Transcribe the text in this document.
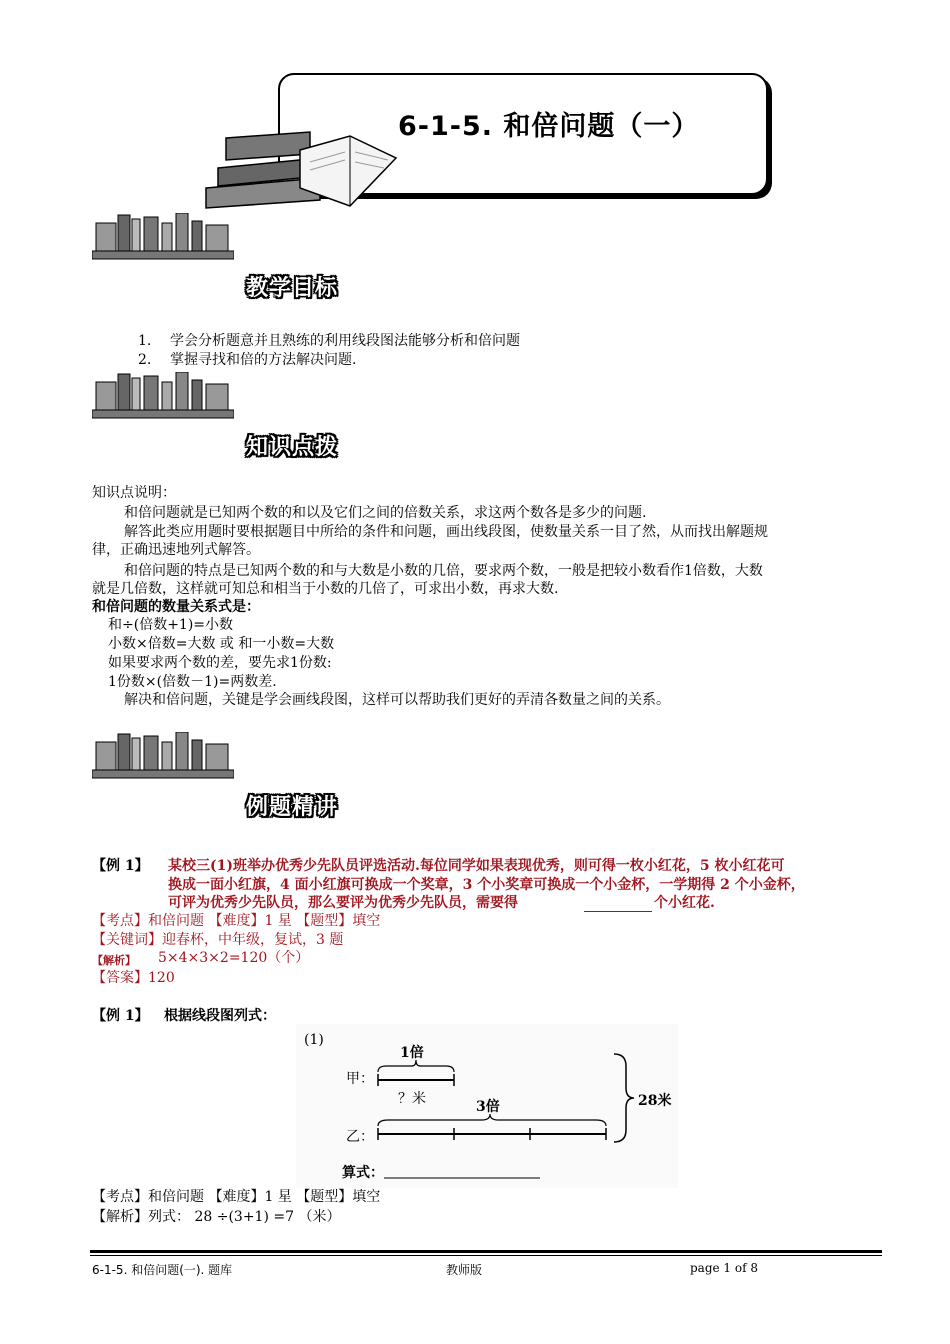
6-1-5. 和倍问题（一）
教学目标
1. 学会分析题意并且熟练的利用线段图法能够分析和倍问题
2. 掌握寻找和倍的方法解决问题.
知识点拨
知识点说明：
和倍问题就是已知两个数的和以及它们之间的倍数关系，求这两个数各是多少的问题.
解答此类应用题时要根据题目中所给的条件和问题，画出线段图，使数量关系一目了然，从而找出解题规
律，正确迅速地列式解答。
和倍问题的特点是已知两个数的和与大数是小数的几倍，要求两个数，一般是把较小数看作1倍数，大数
就是几倍数，这样就可知总和相当于小数的几倍了，可求出小数，再求大数.
和倍问题的数量关系式是：
和÷(倍数+1)=小数
小数×倍数=大数 或 和一小数=大数
如果要求两个数的差，要先求1份数:
1份数×(倍数－1)=两数差.
解决和倍问题，关键是学会画线段图，这样可以帮助我们更好的弄清各数量之间的关系。
例题精讲
【例 1】 某校三(1)班举办优秀少先队员评选活动.每位同学如果表现优秀，则可得一枚小红花，5 枚小红花可
换成一面小红旗，4 面小红旗可换成一个奖章，3 个小奖章可换成一个小金杯，一学期得 2 个小金杯，
可评为优秀少先队员，那么要评为优秀少先队员，需要得	个小红花.
【考点】和倍问题 【难度】1 星 【题型】填空
【关键词】迎春杯，中年级，复试，3 题
【解析】 5×4×3×2=120（个）
【答案】120
【例 1】 根据线段图列式：
(1)
1倍
甲：
？米	3倍
乙：
28米
算式：
【考点】和倍问题 【难度】1 星 【题型】填空
【解析】列式： 28 ÷(3+1) =7 （米）
6-1-5. 和倍问题(一). 题库	教师版	page 1 of 8
